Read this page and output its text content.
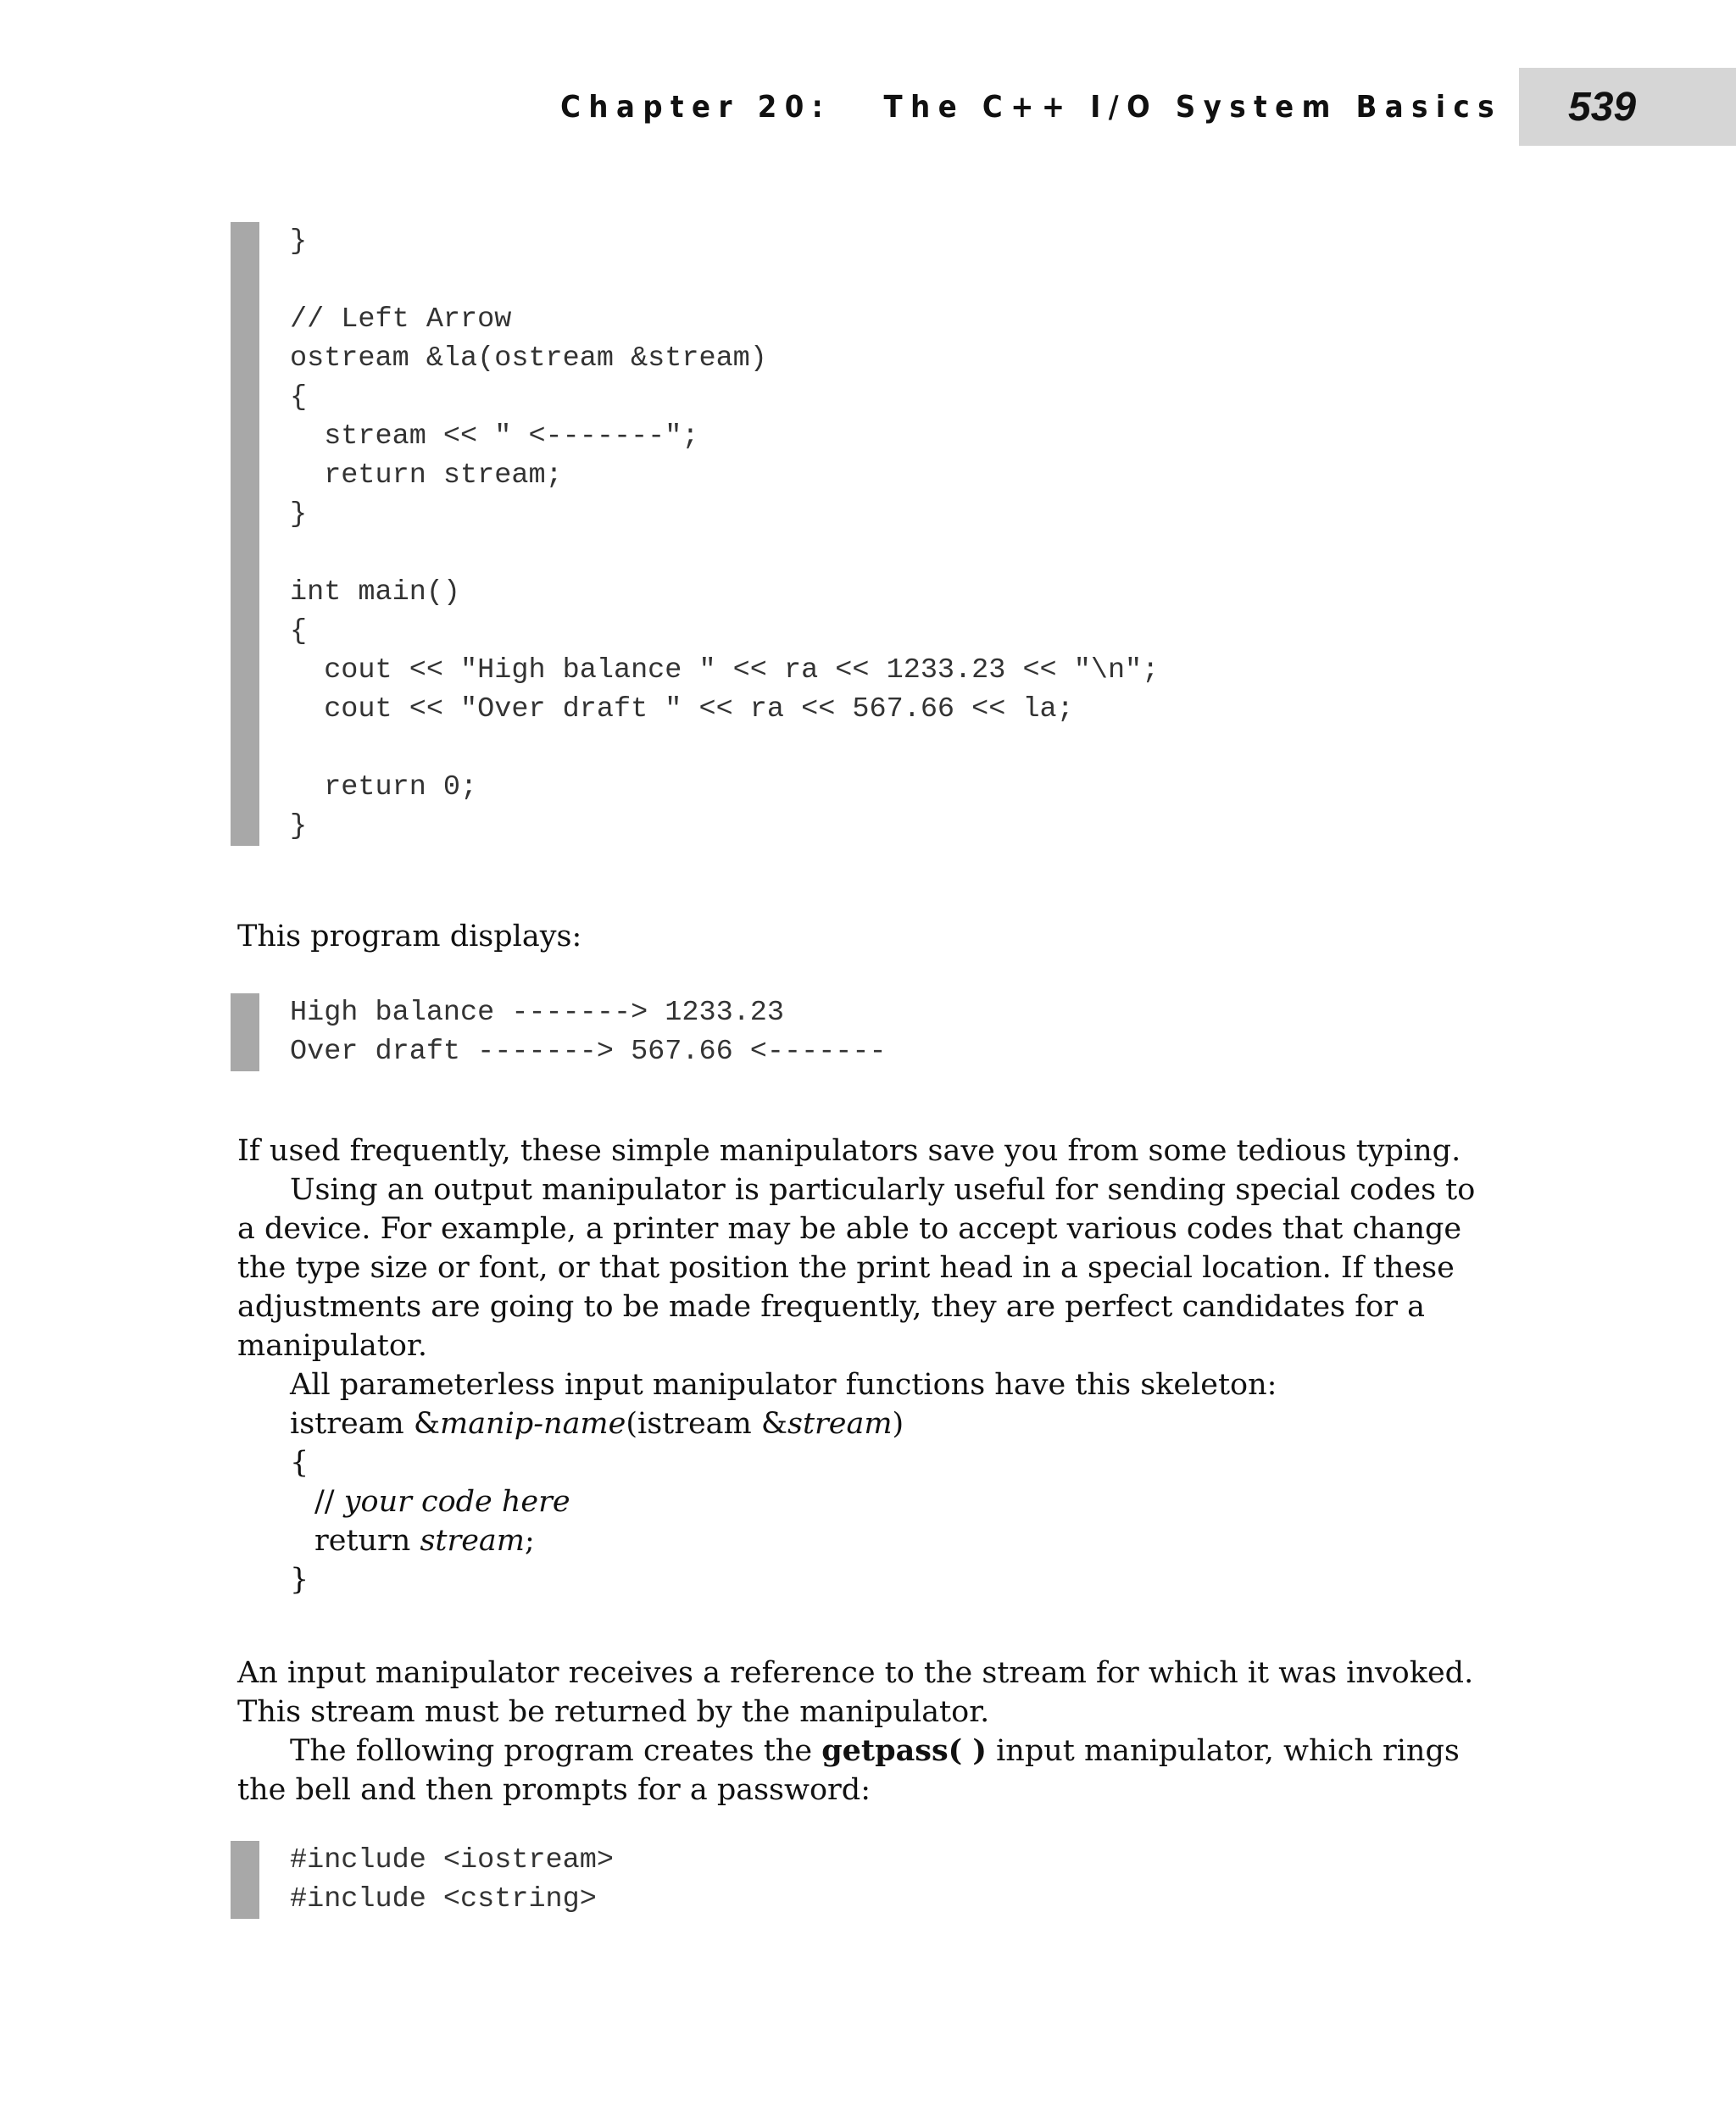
Chapter 20:   The C++ I/O System Basics 539
}
// Left Arrow
ostream &la(ostream &stream)
{
stream << " <-------";
return stream;
}
int main()
{
cout << "High balance " << ra << 1233.23 << "\n";
cout << "Over draft " << ra << 567.66 << la;
return 0;
}

This program displays:

High balance -------> 1233.23
Over draft -------> 567.66 <-------

If used frequently, these simple manipulators save you from some tedious typing.

Using an output manipulator is particularly useful for sending special codes to a device. For example, a printer may be able to accept various codes that change the type size or font, or that position the print head in a special location. If these adjustments are going to be made frequently, they are perfect candidates for a manipulator.

All parameterless input manipulator functions have this skeleton:

istream &manip-name(istream &stream)
{
// your code here
return stream;
}

An input manipulator receives a reference to the stream for which it was invoked. This stream must be returned by the manipulator.

The following program creates the getpass( ) input manipulator, which rings the bell and then prompts for a password:

#include <iostream>
#include <cstring>
